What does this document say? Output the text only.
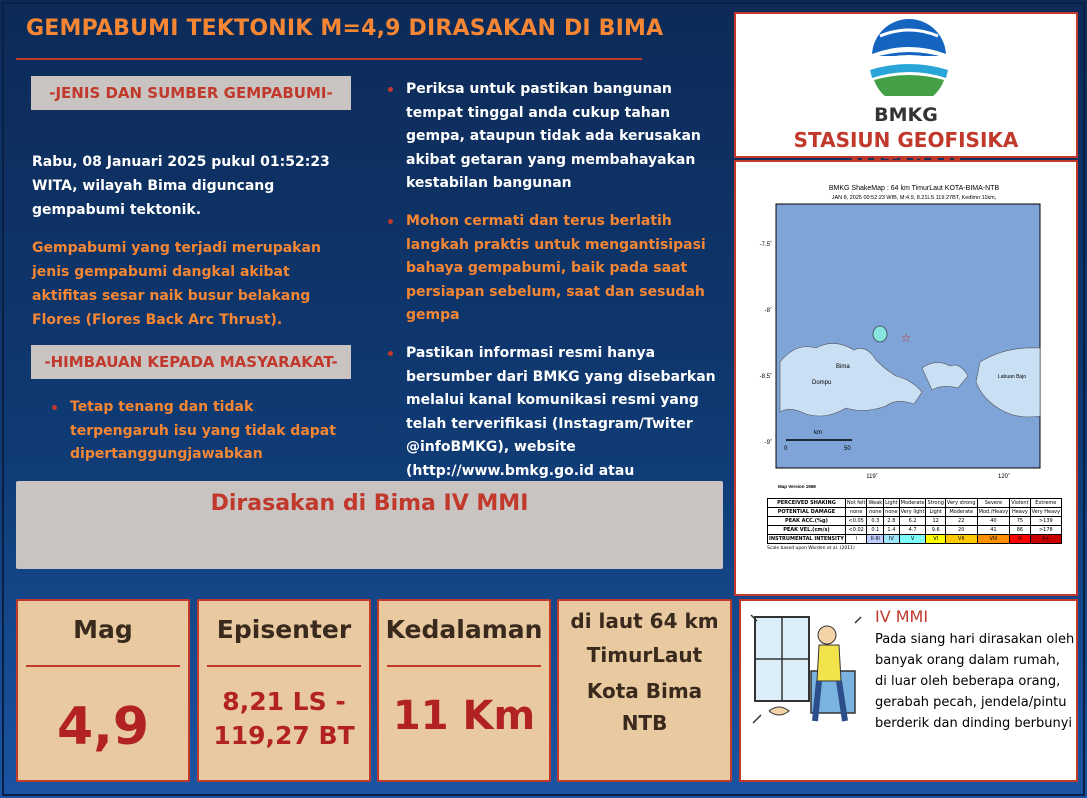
GEMPABUMI TEKTONIK M=4,9 DIRASAKAN DI BIMA
-JENIS DAN SUMBER GEMPABUMI-
Rabu, 08 Januari 2025 pukul 01:52:23 WITA, wilayah Bima diguncang gempabumi tektonik.
Gempabumi yang terjadi merupakan jenis gempabumi dangkal akibat aktifitas sesar naik busur belakang Flores (Flores Back Arc Thrust).
-HIMBAUAN KEPADA MASYARAKAT-
Tetap tenang dan tidak terpengaruh isu yang tidak dapat dipertanggungjawabkan
Periksa untuk pastikan bangunan tempat tinggal anda cukup tahan gempa, ataupun tidak ada kerusakan akibat getaran yang membahayakan kestabilan bangunan
Mohon cermati dan terus berlatih langkah praktis untuk mengantisipasi bahaya gempabumi, baik pada saat persiapan sebelum, saat dan sesudah gempa
Pastikan informasi resmi hanya bersumber dari BMKG yang disebarkan melalui kanal komunikasi resmi yang telah terverifikasi (Instagram/Twiter @infoBMKG), website (http://www.bmkg.go.id atau
Dirasakan di Bima IV MMI
BMKG
STASIUN GEOFISIKA
BMKG ShakeMap : 64 km TimurLaut KOTA-BIMA-NTB
JAN 8, 2025 00:52:23 WIB, M:4.9, 8.21LS 119.27BT, Kedlmn:11km,
☆
Bima
Dompu
Labuan Bajo
-7.5˚
-8˚
-8.5˚
-9˚
119˚	120˚
km
0	50
Map Version 1968
PERCEIVED SHAKING	Not felt	Weak	Light	Moderate	Strong	Very strong	Severe	Violent	Extreme
POTENTIAL DAMAGE	none	none	none	Very light	Light	Moderate	Mod./Heavy	Heavy	Very Heavy
PEAK ACC.(%g)	<0.05	0.3	2.8	6.2	12	22	40	75	>139
PEAK VEL.(cm/s)	<0.02	0.1	1.4	4.7	9.6	20	41	86	>178
INSTRUMENTAL INTENSITY	I	II-III	IV	V	VI	VII	VIII	IX	X+
Scale based upon Worden et al. (2011)
Mag
4,9
Episenter
8,21 LS -
119,27 BT
Kedalaman
11 Km
di laut 64 km
TimurLaut
Kota Bima
NTB
IV MMI
Pada siang hari dirasakan oleh banyak orang dalam rumah, di luar oleh beberapa orang, gerabah pecah, jendela/pintu berderik dan dinding berbunyi
